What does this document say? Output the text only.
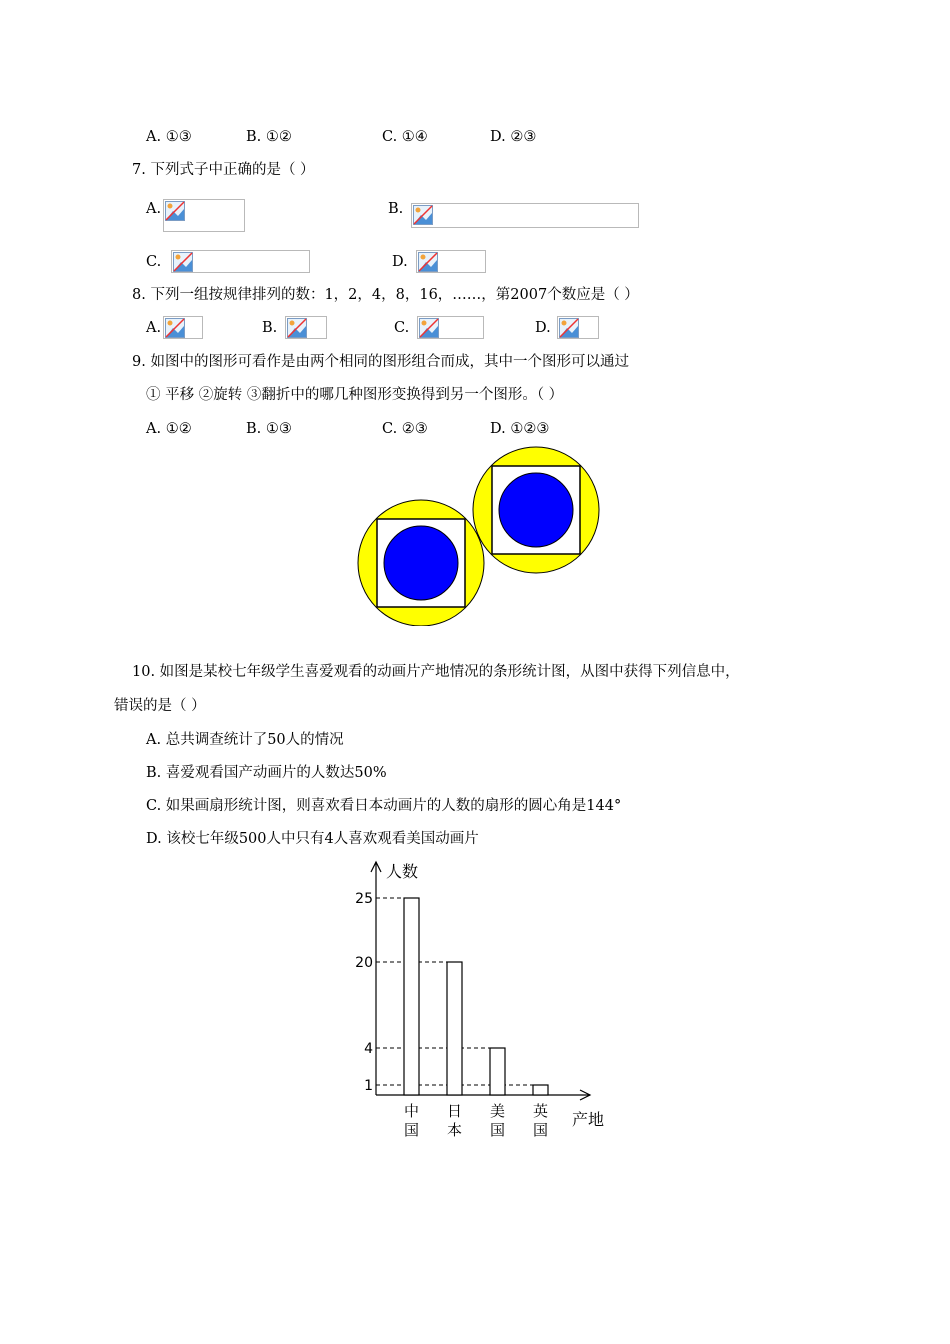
A. ①③	B. ①②	C. ①④	D. ②③
7. 下列式子中正确的是（ ）
A.	B.
C.	D.
8. 下列一组按规律排列的数：1，2，4，8，16，……，第2007个数应是（ ）
A.	B.	C.	D.
9. 如图中的图形可看作是由两个相同的图形组合而成，其中一个图形可以通过
① 平移 ②旋转 ③翻折中的哪几种图形变换得到另一个图形。（ ）
A. ①②	B. ①③	C. ②③	D. ①②③
10. 如图是某校七年级学生喜爱观看的动画片产地情况的条形统计图，从图中获得下列信息中，
错误的是（ ）
A. 总共调查统计了50人的情况
B. 喜爱观看国产动画片的人数达50%
C. 如果画扇形统计图，则喜欢看日本动画片的人数的扇形的圆心角是144°
D. 该校七年级500人中只有4人喜欢观看美国动画片
1
4
20
25
中
国
日
本
美
国
英
国
人数
产地
